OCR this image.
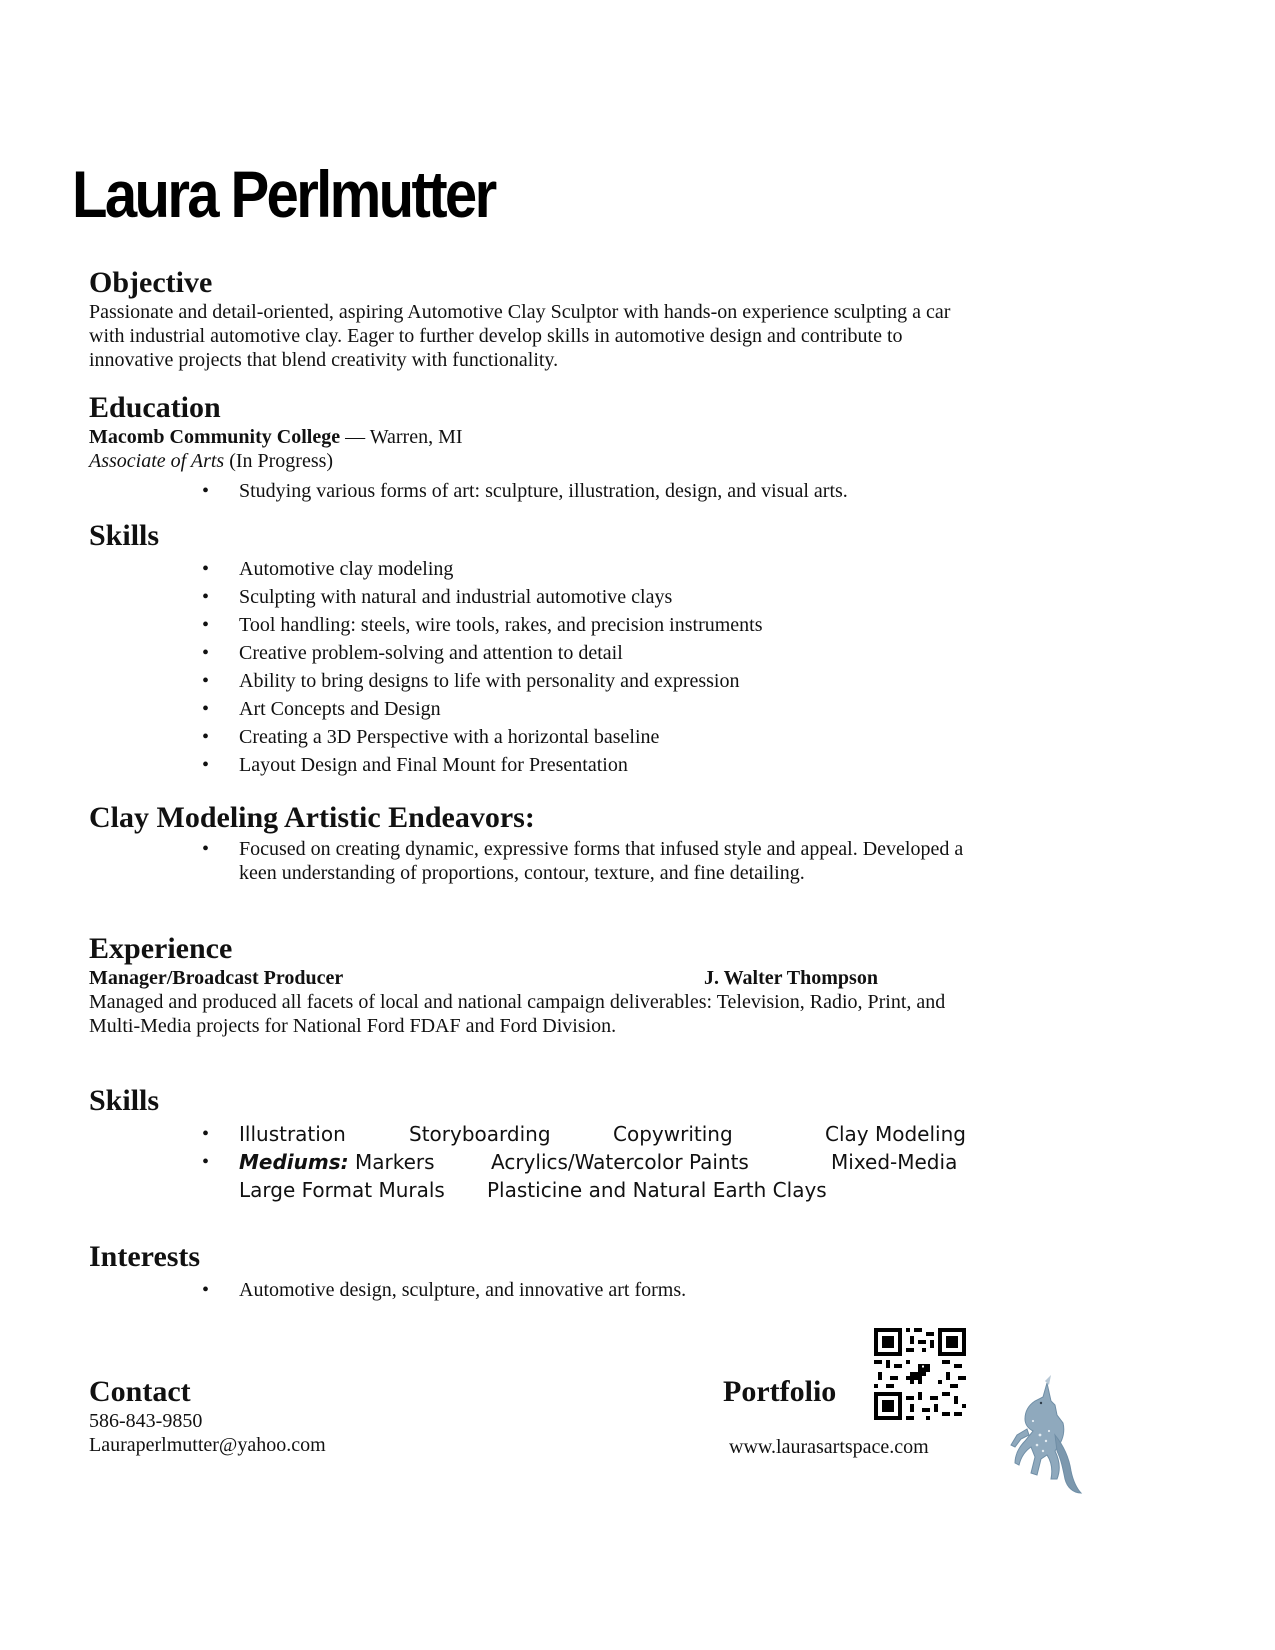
Laura Perlmutter
Objective

Passionate and detail-oriented, aspiring Automotive Clay Sculptor with hands-on experience sculpting a car

with industrial automotive clay. Eager to further develop skills in automotive design and contribute to

innovative projects that blend creativity with functionality.

Education

Macomb Community College — Warren, MI

Associate of Arts (In Progress)

• Studying various forms of art: sculpture, illustration, design, and visual arts.
Skills
• Automotive clay modeling
• Sculpting with natural and industrial automotive clays
• Tool handling: steels, wire tools, rakes, and precision instruments
• Creative problem-solving and attention to detail
• Ability to bring designs to life with personality and expression
• Art Concepts and Design
• Creating a 3D Perspective with a horizontal baseline
• Layout Design and Final Mount for Presentation
Clay Modeling Artistic Endeavors:
• Focused on creating dynamic, expressive forms that infused style and appeal. Developed a
keen understanding of proportions, contour, texture, and fine detailing.
Experience
Manager/Broadcast Producer	J. Walter Thompson

Managed and produced all facets of local and national campaign deliverables: Television, Radio, Print, and

Multi-Media projects for National Ford FDAF and Ford Division.

Skills
• Illustration	Storyboarding	Copywriting	Clay Modeling
• Mediums: Markers	Acrylics/Watercolor Paints	Mixed-Media
Large Format Murals Plasticine and Natural Earth Clays
Interests
• Automotive design, sculpture, and innovative art forms.
Contact

586-843-9850

Lauraperlmutter@yahoo.com

Portfolio

www.laurasartspace.com
